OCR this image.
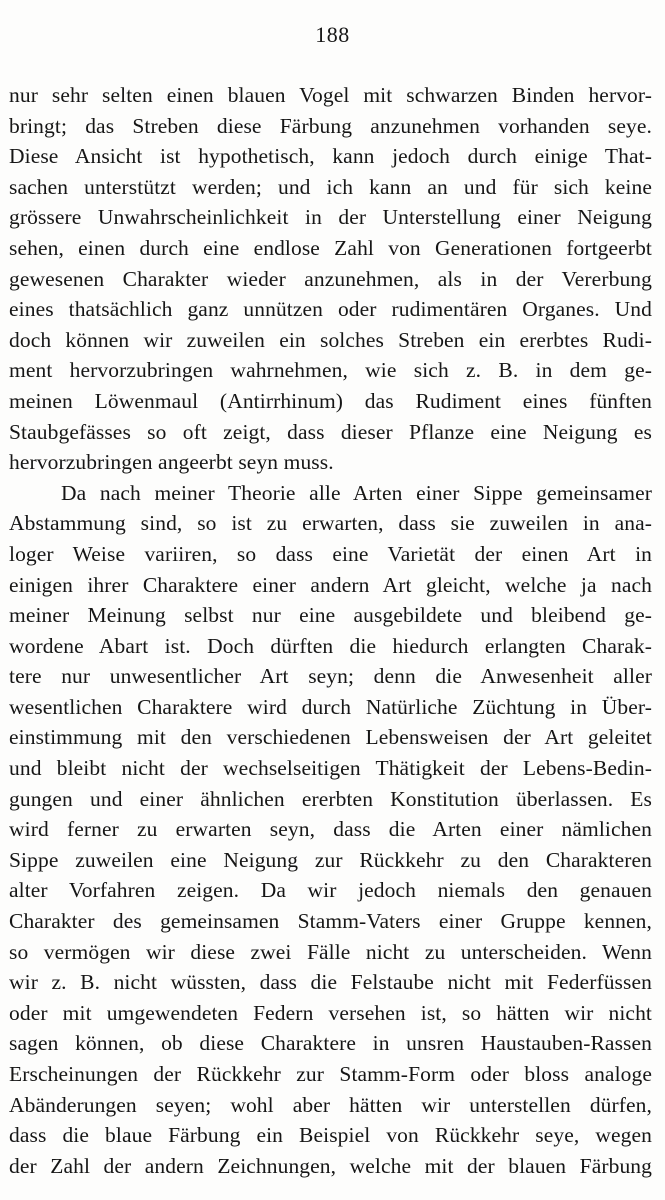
188
nur sehr selten einen blauen Vogel mit schwarzen Binden hervor-
bringt; das Streben diese Färbung anzunehmen vorhanden seye.
Diese Ansicht ist hypothetisch, kann jedoch durch einige That-
sachen unterstützt werden; und ich kann an und für sich keine
grössere Unwahrscheinlichkeit in der Unterstellung einer Neigung
sehen, einen durch eine endlose Zahl von Generationen fortgeerbt
gewesenen Charakter wieder anzunehmen, als in der Vererbung
eines thatsächlich ganz unnützen oder rudimentären Organes. Und
doch können wir zuweilen ein solches Streben ein ererbtes Rudi-
ment hervorzubringen wahrnehmen, wie sich z. B. in dem ge-
meinen Löwenmaul (Antirrhinum) das Rudiment eines fünften
Staubgefässes so oft zeigt, dass dieser Pflanze eine Neigung es
hervorzubringen angeerbt seyn muss.
Da nach meiner Theorie alle Arten einer Sippe gemeinsamer
Abstammung sind, so ist zu erwarten, dass sie zuweilen in ana-
loger Weise variiren, so dass eine Varietät der einen Art in
einigen ihrer Charaktere einer andern Art gleicht, welche ja nach
meiner Meinung selbst nur eine ausgebildete und bleibend ge-
wordene Abart ist. Doch dürften die hiedurch erlangten Charak-
tere nur unwesentlicher Art seyn; denn die Anwesenheit aller
wesentlichen Charaktere wird durch Natürliche Züchtung in Über-
einstimmung mit den verschiedenen Lebensweisen der Art geleitet
und bleibt nicht der wechselseitigen Thätigkeit der Lebens-Bedin-
gungen und einer ähnlichen ererbten Konstitution überlassen. Es
wird ferner zu erwarten seyn, dass die Arten einer nämlichen
Sippe zuweilen eine Neigung zur Rückkehr zu den Charakteren
alter Vorfahren zeigen. Da wir jedoch niemals den genauen
Charakter des gemeinsamen Stamm-Vaters einer Gruppe kennen,
so vermögen wir diese zwei Fälle nicht zu unterscheiden. Wenn
wir z. B. nicht wüssten, dass die Felstaube nicht mit Federfüssen
oder mit umgewendeten Federn versehen ist, so hätten wir nicht
sagen können, ob diese Charaktere in unsren Haustauben-Rassen
Erscheinungen der Rückkehr zur Stamm-Form oder bloss analoge
Abänderungen seyen; wohl aber hätten wir unterstellen dürfen,
dass die blaue Färbung ein Beispiel von Rückkehr seye, wegen
der Zahl der andern Zeichnungen, welche mit der blauen Färbung
